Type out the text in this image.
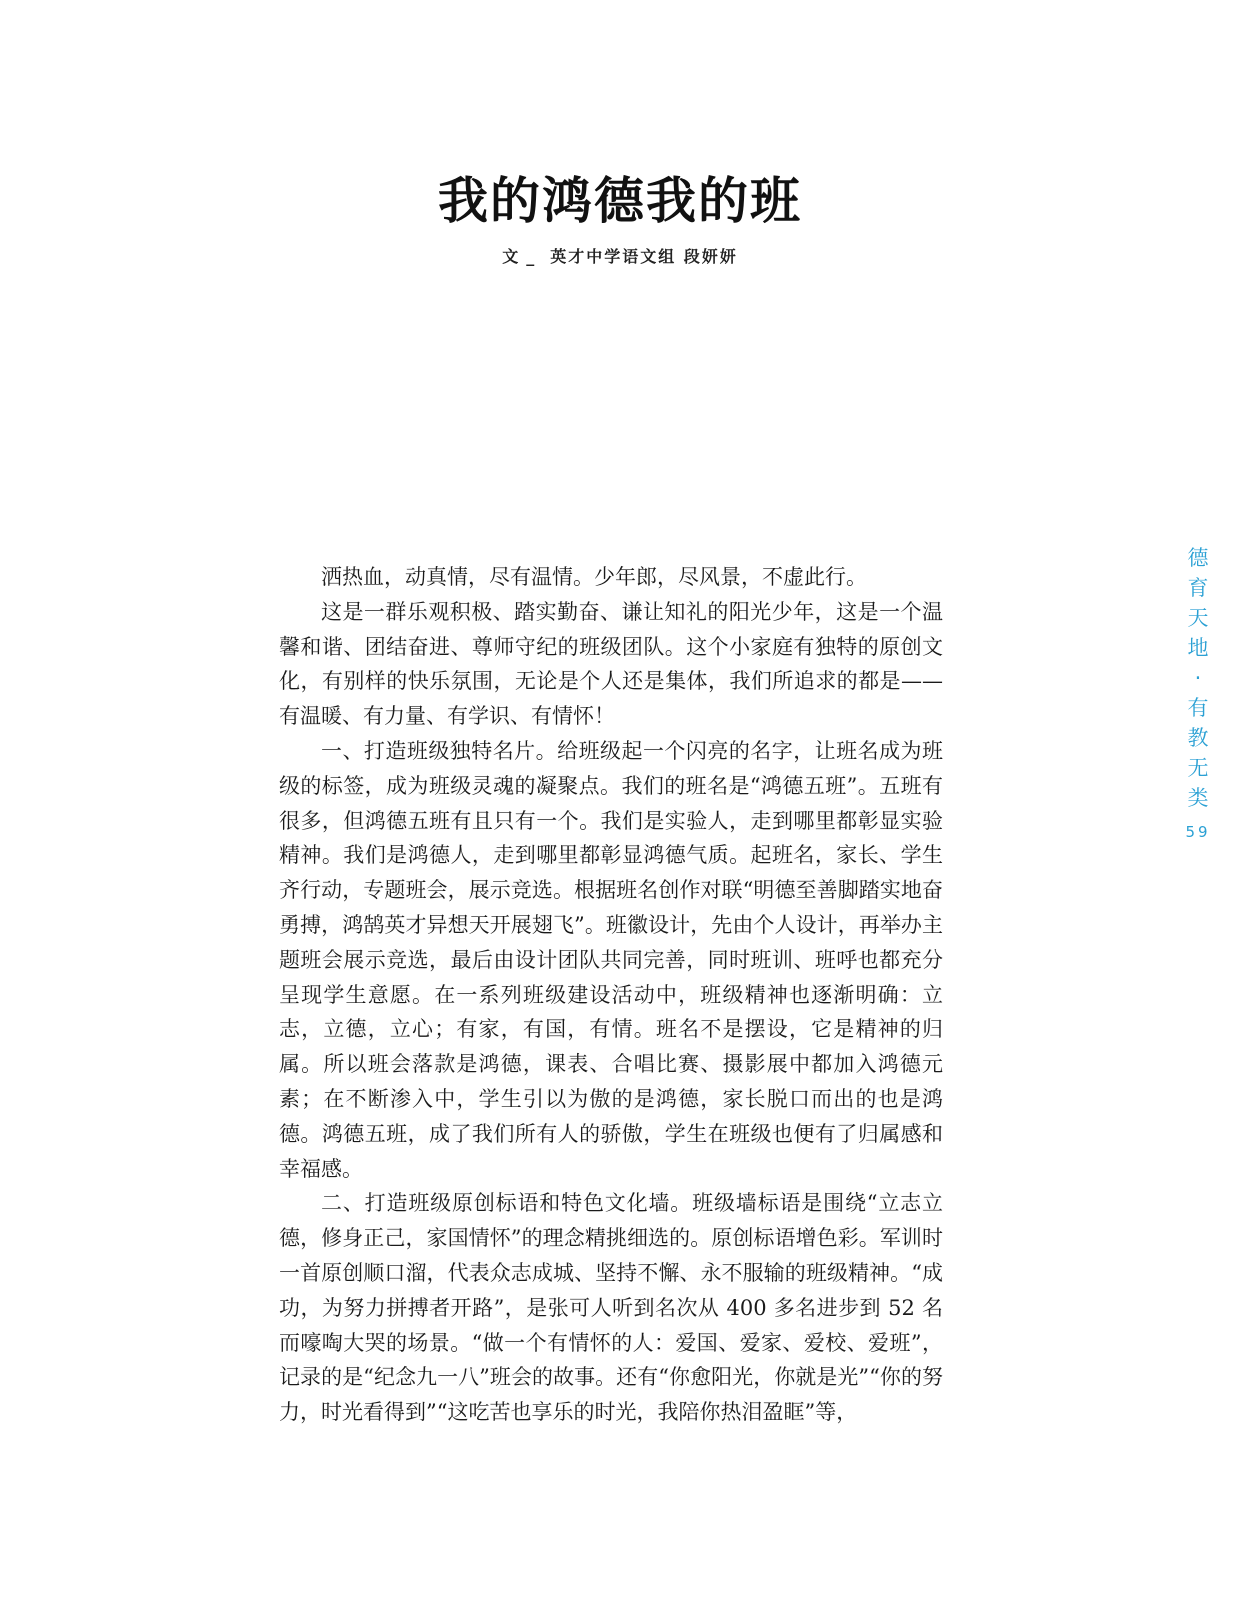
我的鸿德我的班
文 _ 英才中学语文组 段妍妍

洒热血，动真情，尽有温情。少年郎，尽风景，不虚此行。

这是一群乐观积极、踏实勤奋、谦让知礼的阳光少年，这是一个温馨和谐、团结奋进、尊师守纪的班级团队。这个小家庭有独特的原创文化，有别样的快乐氛围，无论是个人还是集体，我们所追求的都是——有温暖、有力量、有学识、有情怀！

一、打造班级独特名片。给班级起一个闪亮的名字，让班名成为班级的标签，成为班级灵魂的凝聚点。我们的班名是“鸿德五班”。五班有很多，但鸿德五班有且只有一个。我们是实验人，走到哪里都彰显实验精神。我们是鸿德人，走到哪里都彰显鸿德气质。起班名，家长、学生齐行动，专题班会，展示竞选。根据班名创作对联“明德至善脚踏实地奋勇搏，鸿鹄英才异想天开展翅飞”。班徽设计，先由个人设计，再举办主题班会展示竞选，最后由设计团队共同完善，同时班训、班呼也都充分呈现学生意愿。在一系列班级建设活动中，班级精神也逐渐明确：立志，立德，立心；有家，有国，有情。班名不是摆设，它是精神的归属。所以班会落款是鸿德，课表、合唱比赛、摄影展中都加入鸿德元素；在不断渗入中，学生引以为傲的是鸿德，家长脱口而出的也是鸿德。鸿德五班，成了我们所有人的骄傲，学生在班级也便有了归属感和幸福感。

二、打造班级原创标语和特色文化墙。班级墙标语是围绕“立志立德，修身正己，家国情怀”的理念精挑细选的。原创标语增色彩。军训时一首原创顺口溜，代表众志成城、坚持不懈、永不服输的班级精神。“成功，为努力拼搏者开路”，是张可人听到名次从 400 多名进步到 52 名而嚎啕大哭的场景。“做一个有情怀的人：爱国、爱家、爱校、爱班”，记录的是“纪念九一八”班会的故事。还有“你愈阳光，你就是光”“你的努力，时光看得到”“这吃苦也享乐的时光，我陪你热泪盈眶”等，

德
育
天
地
·
有
教
无
类
59
